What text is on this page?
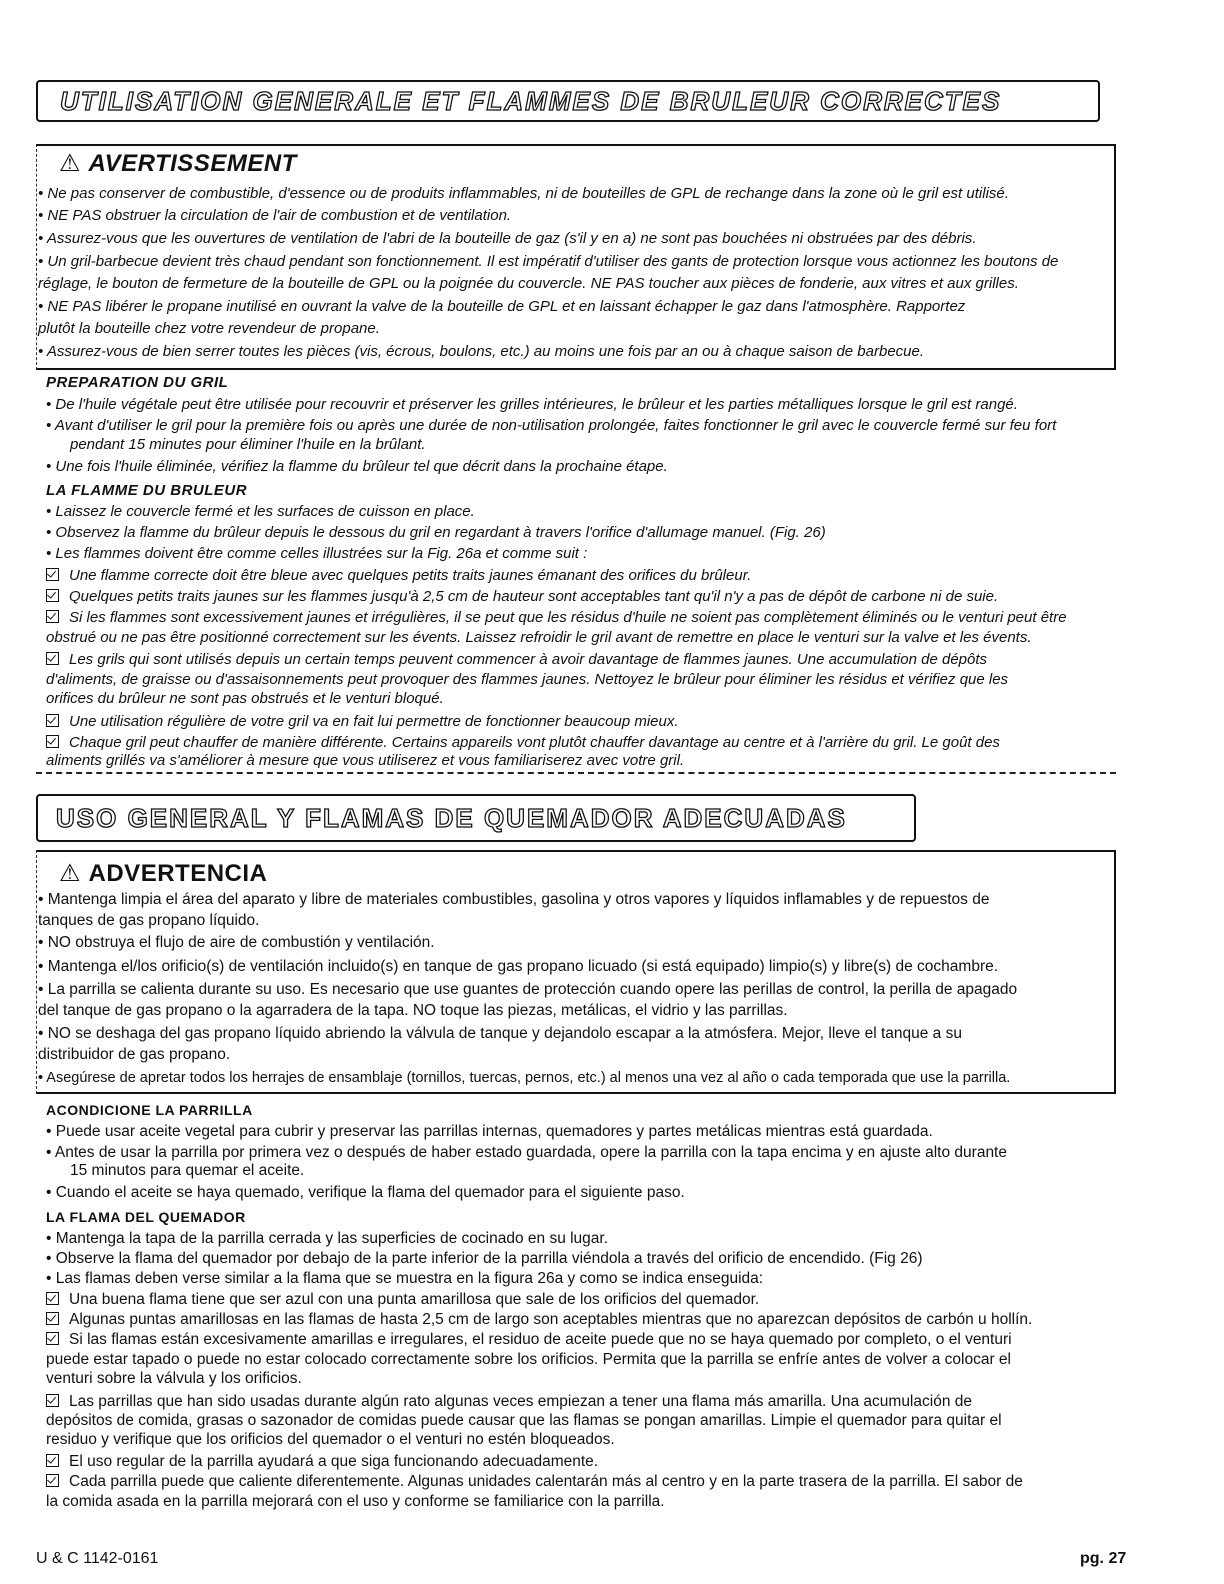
UTILISATION GENERALE ET FLAMMES DE BRULEUR CORRECTES
⚠ AVERTISSEMENT
• Ne pas conserver de combustible, d'essence ou de produits inflammables, ni de bouteilles de GPL de rechange dans la zone où le gril est utilisé.
• NE PAS obstruer la circulation de l'air de combustion et de ventilation.
• Assurez-vous que les ouvertures de ventilation de l'abri de la bouteille de gaz (s'il y en a) ne sont pas bouchées ni obstruées par des débris.
• Un gril-barbecue devient très chaud pendant son fonctionnement. Il est impératif d'utiliser des gants de protection lorsque vous actionnez les boutons de
réglage, le bouton de fermeture de la bouteille de GPL ou la poignée du couvercle. NE PAS toucher aux pièces de fonderie, aux vitres et aux grilles.
• NE PAS libérer le propane inutilisé en ouvrant la valve de la bouteille de GPL et en laissant échapper le gaz dans l'atmosphère. Rapportez
plutôt la bouteille chez votre revendeur de propane.
• Assurez-vous de bien serrer toutes les pièces (vis, écrous, boulons, etc.) au moins une fois par an ou à chaque saison de barbecue.
PREPARATION DU GRIL
• De l'huile végétale peut être utilisée pour recouvrir et préserver les grilles intérieures, le brûleur et les parties métalliques lorsque le gril est rangé.
• Avant d'utiliser le gril pour la première fois ou après une durée de non-utilisation prolongée, faites fonctionner le gril avec le couvercle fermé sur feu fort
pendant 15 minutes pour éliminer l'huile en la brûlant.
• Une fois l'huile éliminée, vérifiez la flamme du brûleur tel que décrit dans la prochaine étape.
LA FLAMME DU BRULEUR
• Laissez le couvercle fermé et les surfaces de cuisson en place.
• Observez la flamme du brûleur depuis le dessous du gril en regardant à travers l'orifice d'allumage manuel. (Fig. 26)
• Les flammes doivent être comme celles illustrées sur la Fig. 26a et comme suit :
Une flamme correcte doit être bleue avec quelques petits traits jaunes émanant des orifices du brûleur.
Quelques petits traits jaunes sur les flammes jusqu'à 2,5 cm de hauteur sont acceptables tant qu'il n'y a pas de dépôt de carbone ni de suie.
Si les flammes sont excessivement jaunes et irrégulières, il se peut que les résidus d'huile ne soient pas complètement éliminés ou le venturi peut être
obstrué ou ne pas être positionné correctement sur les évents. Laissez refroidir le gril avant de remettre en place le venturi sur la valve et les évents.
Les grils qui sont utilisés depuis un certain temps peuvent commencer à avoir davantage de flammes jaunes. Une accumulation de dépôts
d'aliments, de graisse ou d'assaisonnements peut provoquer des flammes jaunes. Nettoyez le brûleur pour éliminer les résidus et vérifiez que les
orifices du brûleur ne sont pas obstrués et le venturi bloqué.
Une utilisation régulière de votre gril va en fait lui permettre de fonctionner beaucoup mieux.
Chaque gril peut chauffer de manière différente. Certains appareils vont plutôt chauffer davantage au centre et à l'arrière du gril. Le goût des
aliments grillés va s'améliorer à mesure que vous utiliserez et vous familiariserez avec votre gril.
USO GENERAL Y FLAMAS DE QUEMADOR ADECUADAS
⚠ ADVERTENCIA
• Mantenga limpia el área del aparato y libre de materiales combustibles, gasolina y otros vapores y líquidos inflamables y de repuestos de
tanques de gas propano líquido.
• NO obstruya el flujo de aire de combustión y ventilación.
• Mantenga el/los orificio(s) de ventilación incluido(s) en tanque de gas propano licuado (si está equipado) limpio(s) y libre(s) de cochambre.
• La parrilla se calienta durante su uso. Es necesario que use guantes de protección cuando opere las perillas de control, la perilla de apagado
del tanque de gas propano o la agarradera de la tapa. NO toque las piezas, metálicas, el vidrio y las parrillas.
• NO se deshaga del gas propano líquido abriendo la válvula de tanque y dejandolo escapar a la atmósfera. Mejor, lleve el tanque a su
distribuidor de gas propano.
• Asegúrese de apretar todos los herrajes de ensamblaje (tornillos, tuercas, pernos, etc.) al menos una vez al año o cada temporada que use la parrilla.
ACONDICIONE LA PARRILLA
• Puede usar aceite vegetal para cubrir y preservar las parrillas internas, quemadores y partes metálicas mientras está guardada.
• Antes de usar la parrilla por primera vez o después de haber estado guardada, opere la parrilla con la tapa encima y en ajuste alto durante
15 minutos para quemar el aceite.
• Cuando el aceite se haya quemado, verifique la flama del quemador para el siguiente paso.
LA FLAMA DEL QUEMADOR
• Mantenga la tapa de la parrilla cerrada y las superficies de cocinado en su lugar.
• Observe la flama del quemador por debajo de la parte inferior de la parrilla viéndola a través del orificio de encendido. (Fig 26)
• Las flamas deben verse similar a la flama que se muestra en la figura 26a y como se indica enseguida:
Una buena flama tiene que ser azul con una punta amarillosa que sale de los orificios del quemador.
Algunas puntas amarillosas en las flamas de hasta 2,5 cm de largo son aceptables mientras que no aparezcan depósitos de carbón u hollín.
Si las flamas están excesivamente amarillas e irregulares, el residuo de aceite puede que no se haya quemado por completo, o el venturi
puede estar tapado o puede no estar colocado correctamente sobre los orificios. Permita que la parrilla se enfríe antes de volver a colocar el
venturi sobre la válvula y los orificios.
Las parrillas que han sido usadas durante algún rato algunas veces empiezan a tener una flama más amarilla. Una acumulación de
depósitos de comida, grasas o sazonador de comidas puede causar que las flamas se pongan amarillas. Limpie el quemador para quitar el
residuo y verifique que los orificios del quemador o el venturi no estén bloqueados.
El uso regular de la parrilla ayudará a que siga funcionando adecuadamente.
Cada parrilla puede que caliente diferentemente. Algunas unidades calentarán más al centro y en la parte trasera de la parrilla. El sabor de
la comida asada en la parrilla mejorará con el uso y conforme se familiarice con la parrilla.
U & C 1142-0161	pg. 27
